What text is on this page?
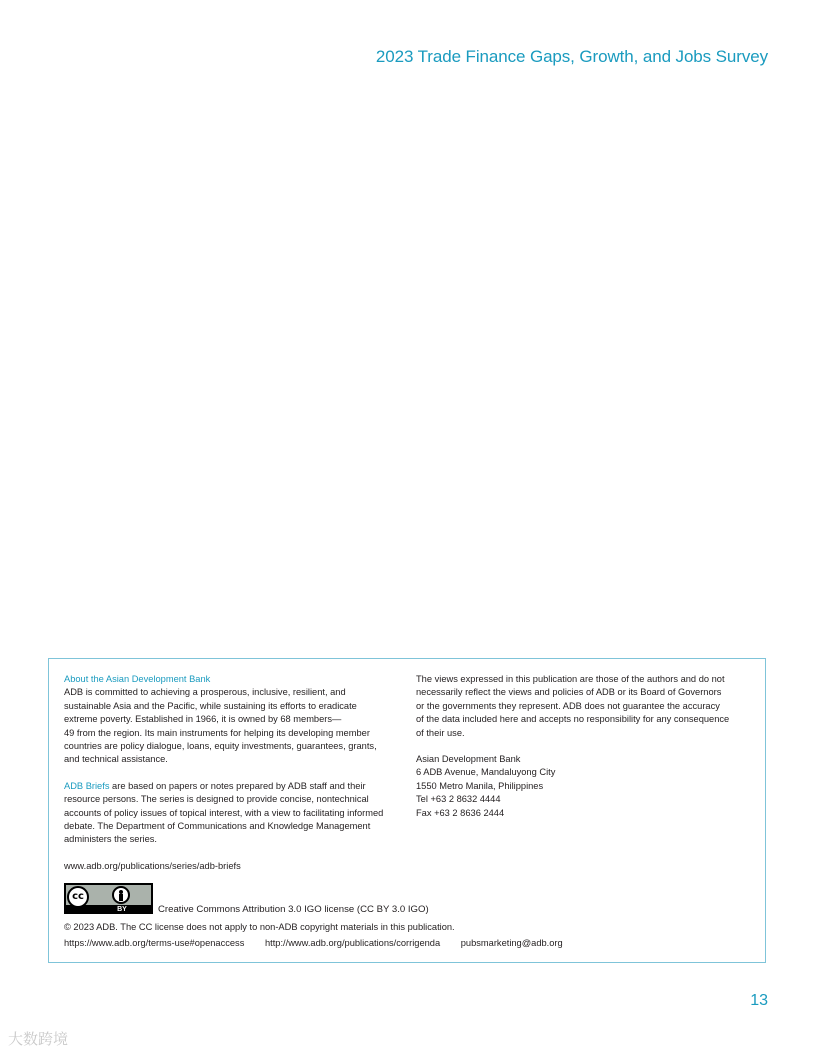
2023 Trade Finance Gaps, Growth, and Jobs Survey

About the Asian Development Bank

ADB is committed to achieving a prosperous, inclusive, resilient, and

sustainable Asia and the Pacific, while sustaining its efforts to eradicate

extreme poverty. Established in 1966, it is owned by 68 members—

49 from the region. Its main instruments for helping its developing member

countries are policy dialogue, loans, equity investments, guarantees, grants,

and technical assistance.

ADB Briefs are based on papers or notes prepared by ADB staff and their

resource persons. The series is designed to provide concise, nontechnical

accounts of policy issues of topical interest, with a view to facilitating informed

debate. The Department of Communications and Knowledge Management

administers the series.

www.adb.org/publications/series/adb-briefs

The views expressed in this publication are those of the authors and do not

necessarily reflect the views and policies of ADB or its Board of Governors

or the governments they represent. ADB does not guarantee the accuracy

of the data included here and accepts no responsibility for any consequence

of their use.

Asian Development Bank

6 ADB Avenue, Mandaluyong City

1550 Metro Manila, Philippines

Tel +63 2 8632 4444

Fax +63 2 8636 2444

cc
BY	Creative Commons Attribution 3.0 IGO license (CC BY 3.0 IGO)
© 2023 ADB. The CC license does not apply to non-ADB copyright materials in this publication.
https://www.adb.org/terms-use#openaccess http://www.adb.org/publications/corrigenda pubsmarketing@adb.org
13
大数跨境
